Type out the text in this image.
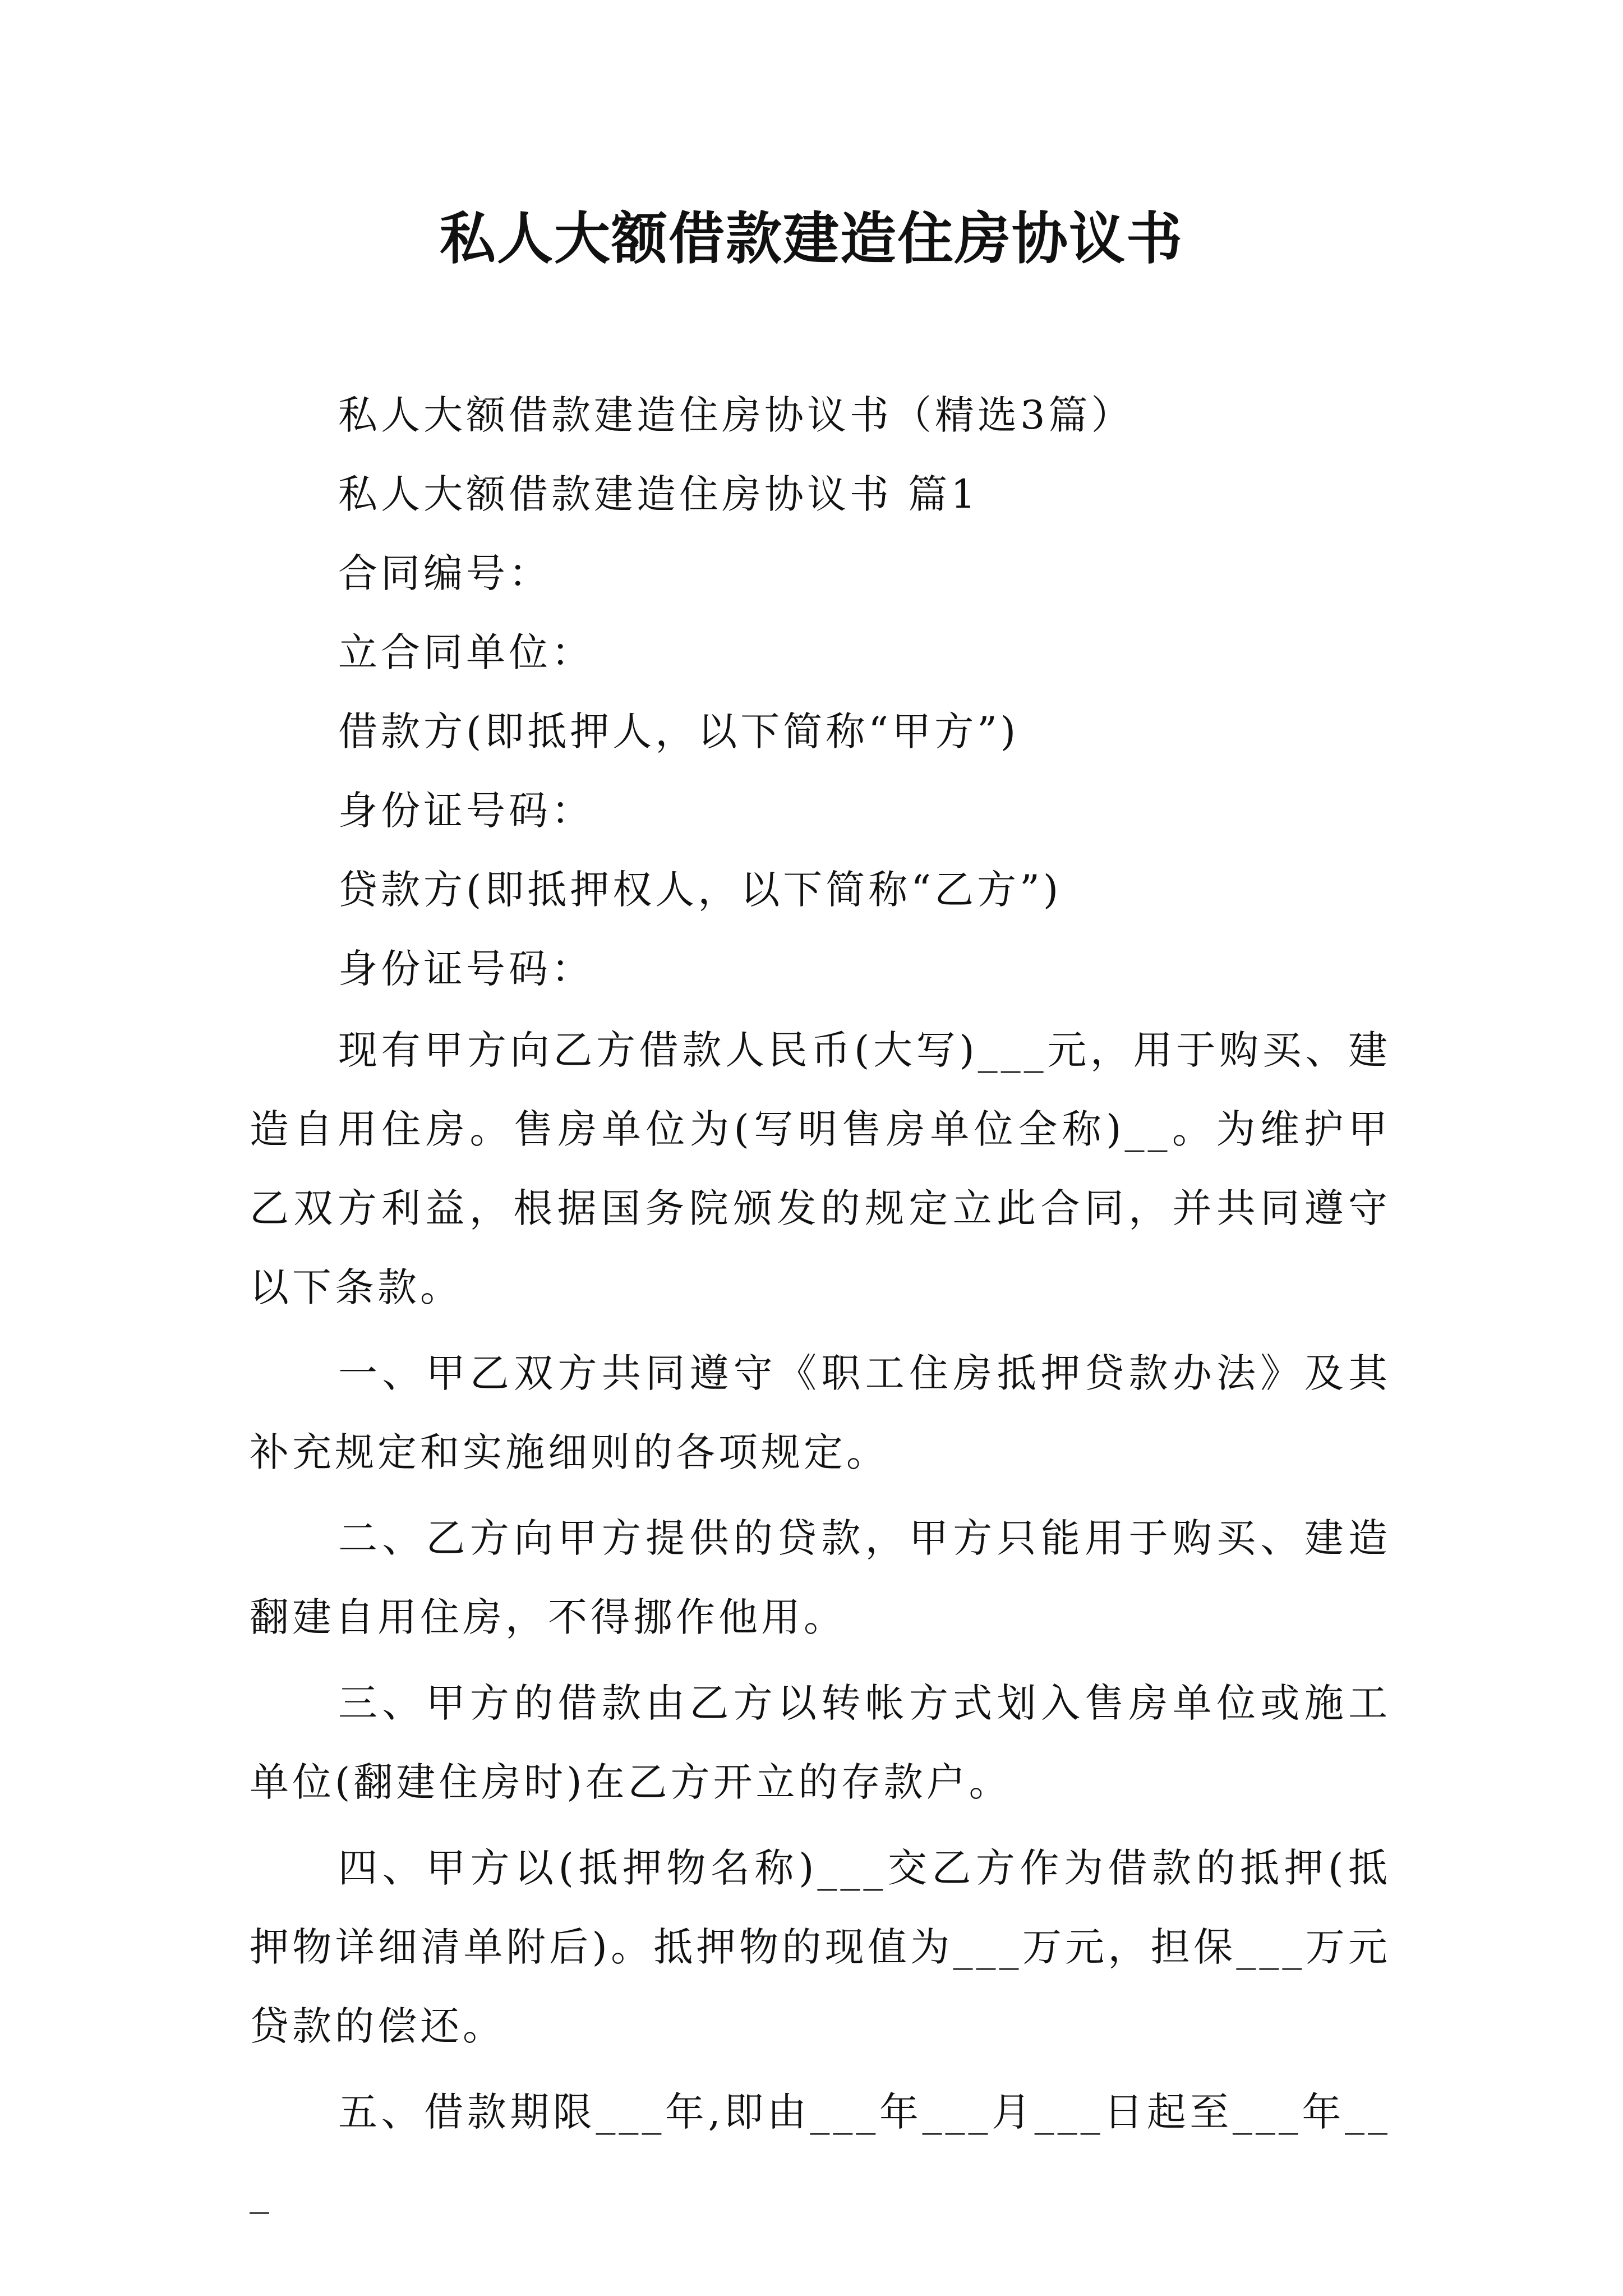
私人大额借款建造住房协议书

私人大额借款建造住房协议书（精选3篇）

私人大额借款建造住房协议书 篇1

合同编号：

立合同单位：

借款方(即抵押人，以下简称“甲方”)

身份证号码：

贷款方(即抵押权人，以下简称“乙方”)

身份证号码：

现有甲方向乙方借款人民币(大写)___元，用于购买、建造自用住房。售房单位为(写明售房单位全称)__。为维护甲乙双方利益，根据国务院颁发的规定立此合同，并共同遵守以下条款。

一、甲乙双方共同遵守《职工住房抵押贷款办法》及其补充规定和实施细则的各项规定。

二、乙方向甲方提供的贷款，甲方只能用于购买、建造翻建自用住房，不得挪作他用。

三、甲方的借款由乙方以转帐方式划入售房单位或施工单位(翻建住房时)在乙方开立的存款户。

四、甲方以(抵押物名称)___交乙方作为借款的抵押(抵押物详细清单附后)。抵押物的现值为___万元，担保___万元贷款的偿还。

五、借款期限___年,即由___年___月___日起至___年___
